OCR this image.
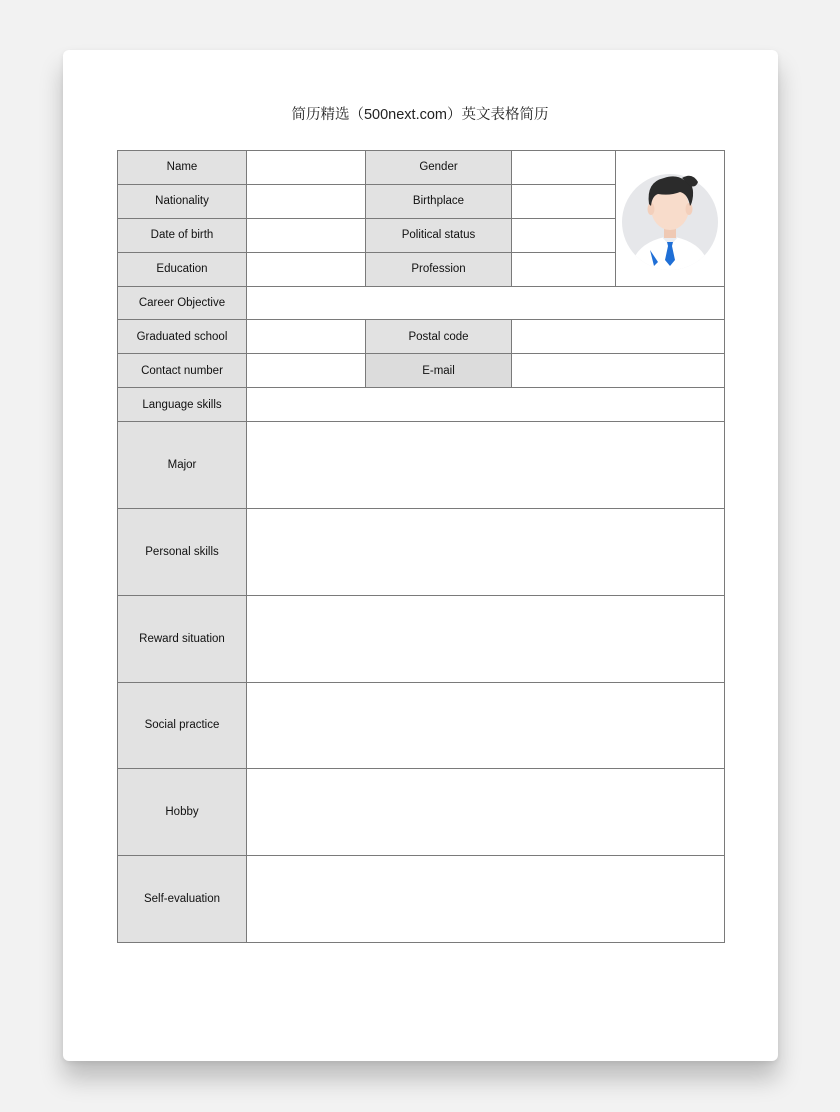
简历精选（500next.com）英文表格简历
Name		Gender		

Nationality		Birthplace		
Date of birth		Political status		
Education		Profession		
Career Objective				
Graduated school		Postal code		
Contact number		E-mail		
Language skills				
Major				
Personal skills				
Reward situation				
Social practice				
Hobby				
Self-evaluation				
